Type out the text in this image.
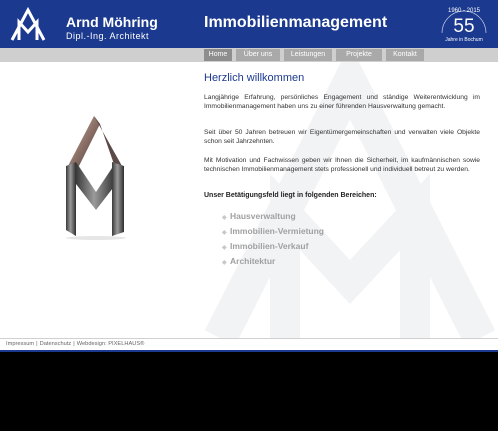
Arnd Möhring
Dipl.-Ing. Architekt
Immobilienmanagement
1960 - 2015
55
Jahre in Bochum
Home	Über uns	Leistungen	Projekte	Kontakt
Herzlich willkommen

Langjährige Erfahrung, persönliches Engagement und ständige Weiterentwicklung im Immobilienmanagement haben uns zu einer führenden Hausverwaltung gemacht.

Seit über 50 Jahren betreuen wir Eigentümergemeinschaften und verwalten viele Objekte schon seit Jahrzehnten.

Mit Motivation und Fachwissen geben wir Ihnen die Sicherheit, im kaufmännischen sowie technischen Immobilienmanagement stets professionell und individuell betreut zu werden.

Unser Betätigungsfeld liegt in folgenden Bereichen:
◆ Hausverwaltung
◆ Immobilien-Vermietung
◆ Immobilien-Verkauf
◆ Architektur
Impressum | Datenschutz | Webdesign: PIXELHAUS®
